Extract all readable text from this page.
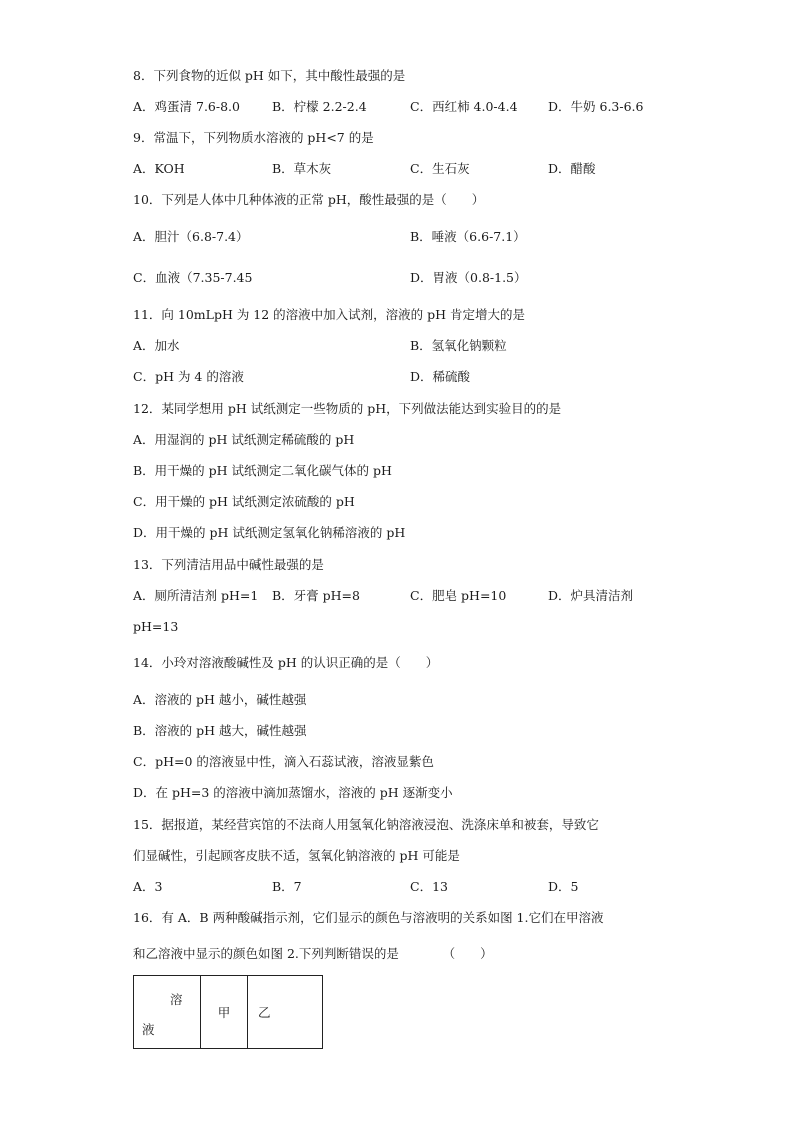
8．下列食物的近似 pH 如下，其中酸性最强的是
A．鸡蛋清 7.6-8.0	B．柠檬 2.2-2.4	C．西红柿 4.0-4.4 D．牛奶 6.3-6.6
9．常温下，下列物质水溶液的 pH<7 的是
A．KOH	B．草木灰	C．生石灰	D．醋酸
10．下列是人体中几种体液的正常 pH，酸性最强的是（　　）
A．胆汁（6.8-7.4）	B．唾液（6.6-7.1）
C．血液（7.35-7.45	D．胃液（0.8-1.5）
11．向 10mLpH 为 12 的溶液中加入试剂，溶液的 pH 肯定增大的是
A．加水	B．氢氧化钠颗粒
C．pH 为 4 的溶液	D．稀硫酸
12．某同学想用 pH 试纸测定一些物质的 pH，下列做法能达到实验目的的是
A．用湿润的 pH 试纸测定稀硫酸的 pH
B．用干燥的 pH 试纸测定二氧化碳气体的 pH
C．用干燥的 pH 试纸测定浓硫酸的 pH
D．用干燥的 pH 试纸测定氢氧化钠稀溶液的 pH
13．下列清洁用品中碱性最强的是
A．厕所清洁剂 pH=1 B．牙膏 pH=8	C．肥皂 pH=10	D．炉具清洁剂
pH=13
14．小玲对溶液酸碱性及 pH 的认识正确的是（　　）
A．溶液的 pH 越小，碱性越强
B．溶液的 pH 越大，碱性越强
C．pH=0 的溶液显中性，滴入石蕊试液，溶液显紫色
D．在 pH=3 的溶液中滴加蒸馏水，溶液的 pH 逐渐变小
15．据报道，某经营宾馆的不法商人用氢氧化钠溶液浸泡、洗涤床单和被套，导致它
们显碱性，引起顾客皮肤不适，氢氧化钠溶液的 pH 可能是
A．3	B．7	C．13	D．5
16．有 A．B 两种酸碱指示剂，它们显示的颜色与溶液明的关系如图 1.它们在甲溶液
和乙溶液中显示的颜色如图 2.下列判断错误的是　　　　（　　）
溶
液
	甲	乙
